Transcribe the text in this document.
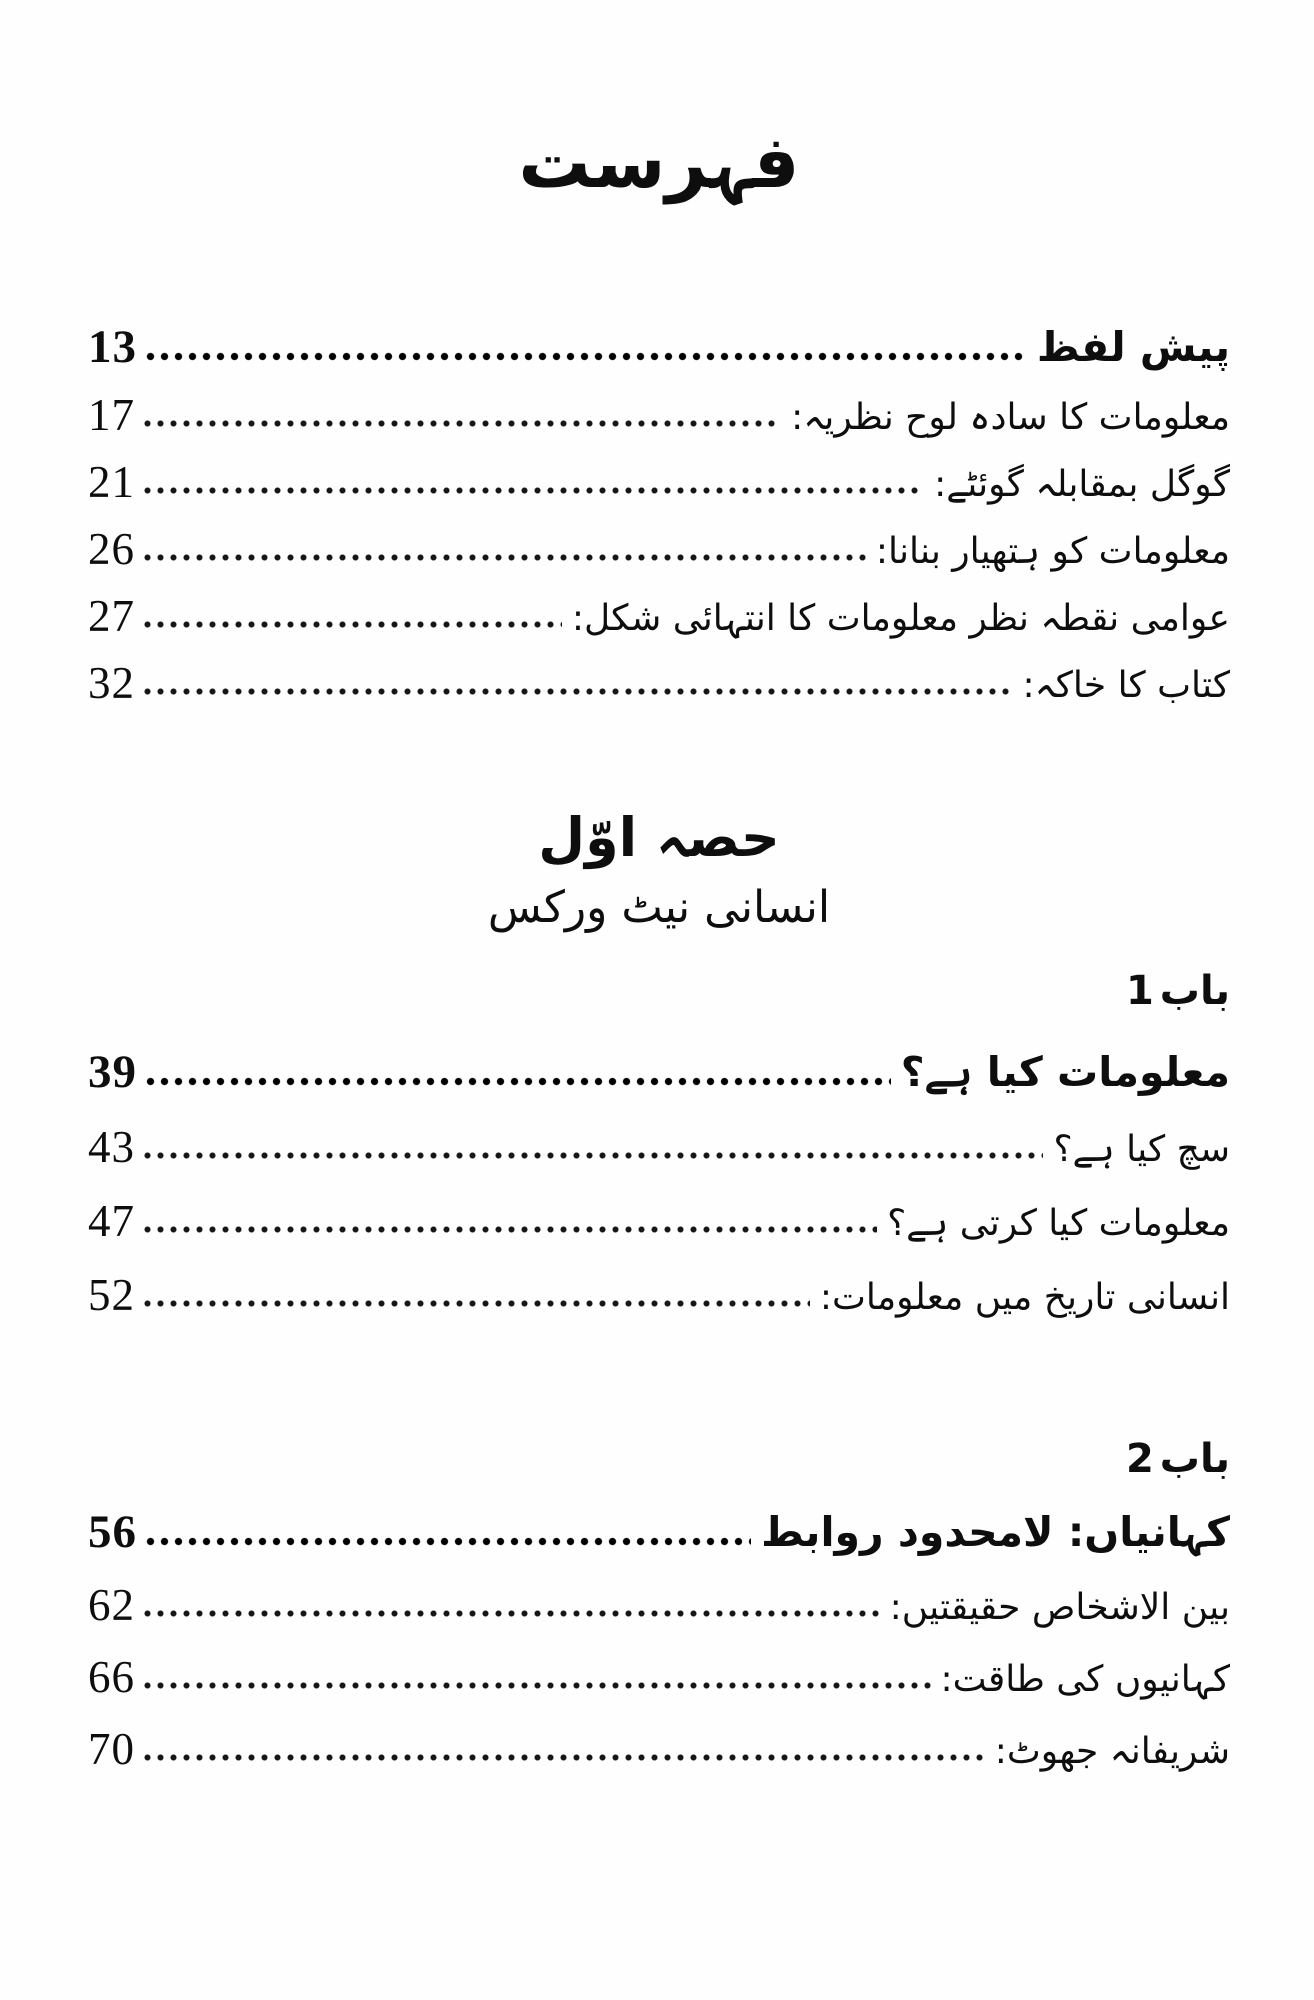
فہرست
13	پیش لفظ
17	معلومات کا سادہ لوح نظریہ:
21	گوگل بمقابلہ گوئٹے:
26	معلومات کو ہتھیار بنانا:
27	عوامی نقطہ نظر معلومات کا انتہائی شکل:
32	کتاب کا خاکہ:
حصہ اوّل
انسانی نیٹ ورکس
باب 1
39	معلومات کیا ہے؟
43	سچ کیا ہے؟
47	معلومات کیا کرتی ہے؟
52	انسانی تاریخ میں معلومات:
باب 2
56	کہانیاں: لامحدود روابط
62	بین الاشخاص حقیقتیں:
66	کہانیوں کی طاقت:
70	شریفانہ جھوٹ:
